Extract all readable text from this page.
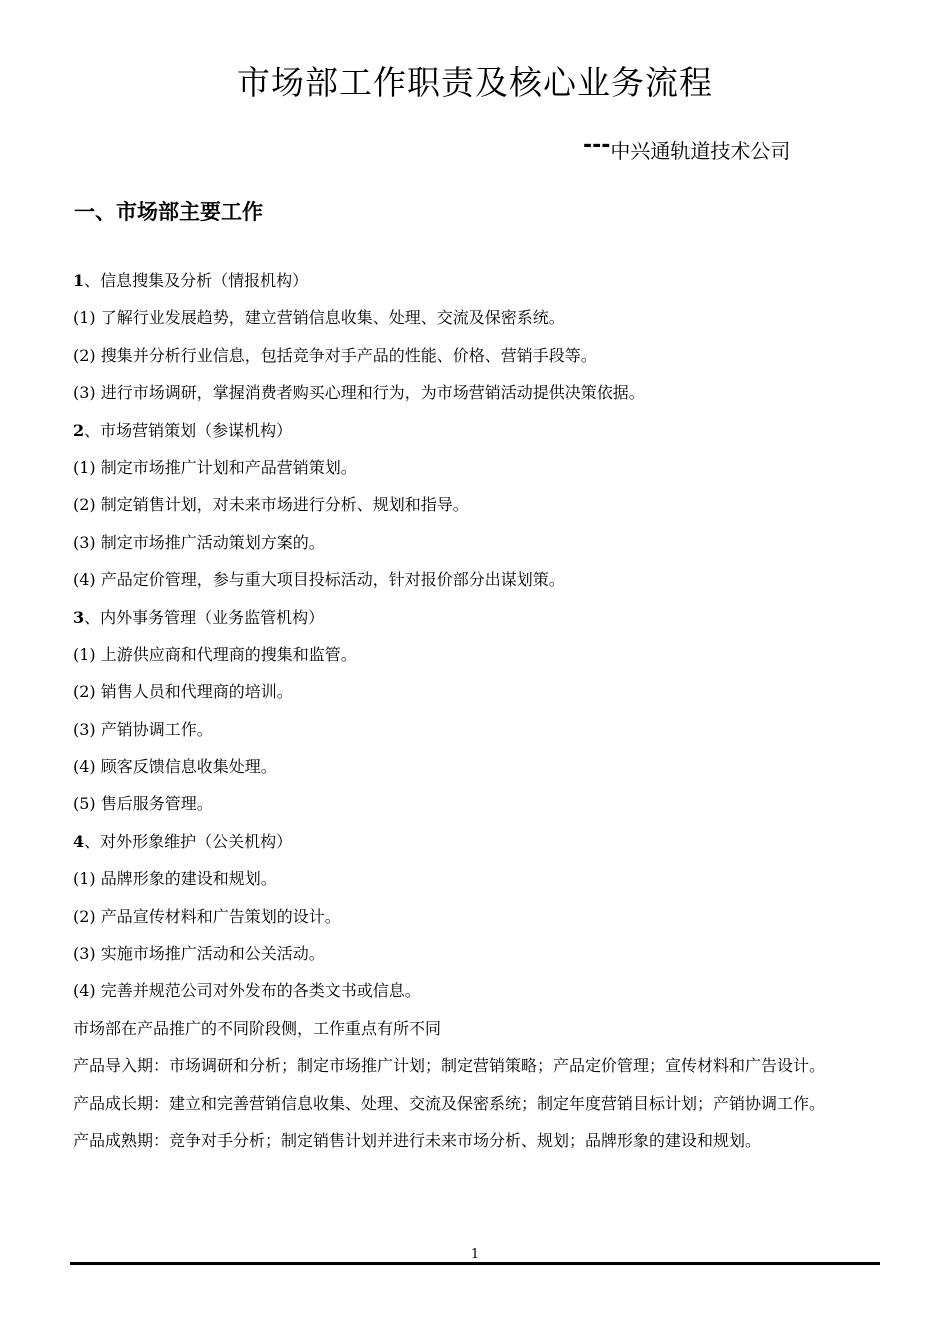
市场部工作职责及核心业务流程
---中兴通轨道技术公司
一、市场部主要工作
1、信息搜集及分析（情报机构）
(1) 了解行业发展趋势，建立营销信息收集、处理、交流及保密系统。
(2) 搜集并分析行业信息，包括竞争对手产品的性能、价格、营销手段等。
(3) 进行市场调研，掌握消费者购买心理和行为，为市场营销活动提供决策依据。
2、市场营销策划（参谋机构）
(1) 制定市场推广计划和产品营销策划。
(2) 制定销售计划，对未来市场进行分析、规划和指导。
(3) 制定市场推广活动策划方案的。
(4) 产品定价管理，参与重大项目投标活动，针对报价部分出谋划策。
3、内外事务管理（业务监管机构）
(1) 上游供应商和代理商的搜集和监管。
(2) 销售人员和代理商的培训。
(3) 产销协调工作。
(4) 顾客反馈信息收集处理。
(5) 售后服务管理。
4、对外形象维护（公关机构）
(1) 品牌形象的建设和规划。
(2) 产品宣传材料和广告策划的设计。
(3) 实施市场推广活动和公关活动。
(4) 完善并规范公司对外发布的各类文书或信息。
市场部在产品推广的不同阶段侧，工作重点有所不同
产品导入期：市场调研和分析；制定市场推广计划；制定营销策略；产品定价管理；宣传材料和广告设计。
产品成长期：建立和完善营销信息收集、处理、交流及保密系统；制定年度营销目标计划；产销协调工作。
产品成熟期：竞争对手分析；制定销售计划并进行未来市场分析、规划；品牌形象的建设和规划。
1
